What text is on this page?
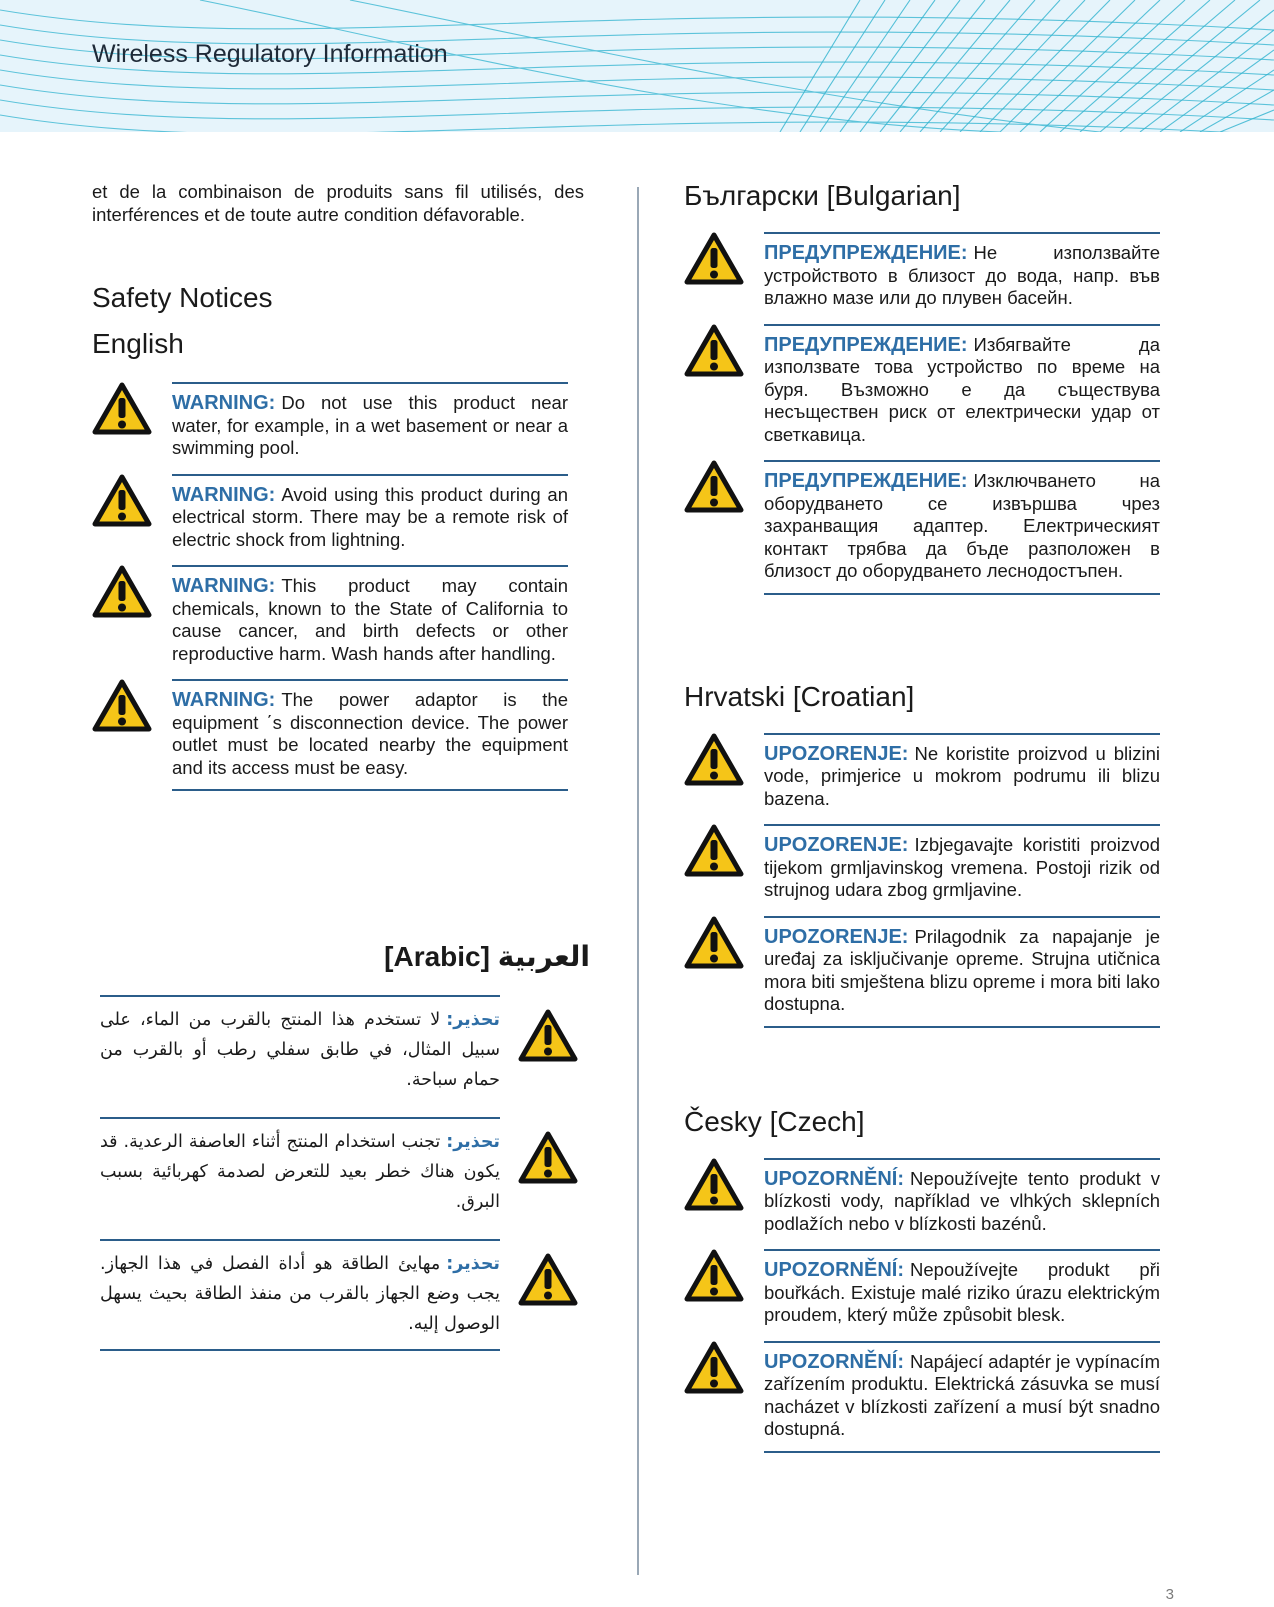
Wireless Regulatory Information

et de la combinaison de produits sans fil utilisés, des interférences et de toute autre condition défavorable.

Safety Notices
English
WARNING: Do not use this product near water, for example, in a wet basement or near a swimming pool.
WARNING: Avoid using this product during an electrical storm. There may be a remote risk of electric shock from lightning.
WARNING: This product may contain chemicals, known to the State of California to cause cancer, and birth defects or other reproductive harm. Wash hands after handling.
WARNING: The power adaptor is the equipment ΄s disconnection device. The power outlet must be located nearby the equipment and its access must be easy.
[Arabic] العربية
تحذير:لا تستخدم هذا المنتج بالقرب من الماء، على سبيل المثال، في طابق سفلي رطب أو بالقرب من حمام سباحة.
تحذير:تجنب استخدام المنتج أثناء العاصفة الرعدية. قد يكون هناك خطر بعيد للتعرض لصدمة كهربائية بسبب البرق.
تحذير:مهايئ الطاقة هو أداة الفصل في هذا الجهاز. يجب وضع الجهاز بالقرب من منفذ الطاقة بحيث يسهل الوصول إليه.
Български [Bulgarian]
ПРЕДУПРЕЖДЕНИЕ: Не използвайте устройството в близост до вода, напр. във влажно мазе или до плувен басейн.
ПРЕДУПРЕЖДЕНИЕ: Избягвайте да използвате това устройство по време на буря. Възможно е да съществува несъществен риск от електрически удар от светкавица.
ПРЕДУПРЕЖДЕНИЕ: Изключването на оборудването се извършва чрез захранващия адаптер. Електрическият контакт трябва да бъде разположен в близост до оборудването леснодостъпен.
Hrvatski [Croatian]
UPOZORENJE: Ne koristite proizvod u blizini vode, primjerice u mokrom podrumu ili blizu bazena.
UPOZORENJE: Izbjegavajte koristiti proizvod tijekom grmljavinskog vremena. Postoji rizik od strujnog udara zbog grmljavine.
UPOZORENJE: Prilagodnik za napajanje je uređaj za isključivanje opreme. Strujna utičnica mora biti smještena blizu opreme i mora biti lako dostupna.
Česky [Czech]
UPOZORNĚNÍ: Nepoužívejte tento produkt v blízkosti vody, například ve vlhkých sklepních podlažích nebo v blízkosti bazénů.
UPOZORNĚNÍ: Nepoužívejte produkt při bouřkách. Existuje malé riziko úrazu elektrickým proudem, který může způsobit blesk.
UPOZORNĚNÍ: Napájecí adaptér je vypínacím zařízením produktu. Elektrická zásuvka se musí nacházet v blízkosti zařízení a musí být snadno dostupná.
3
